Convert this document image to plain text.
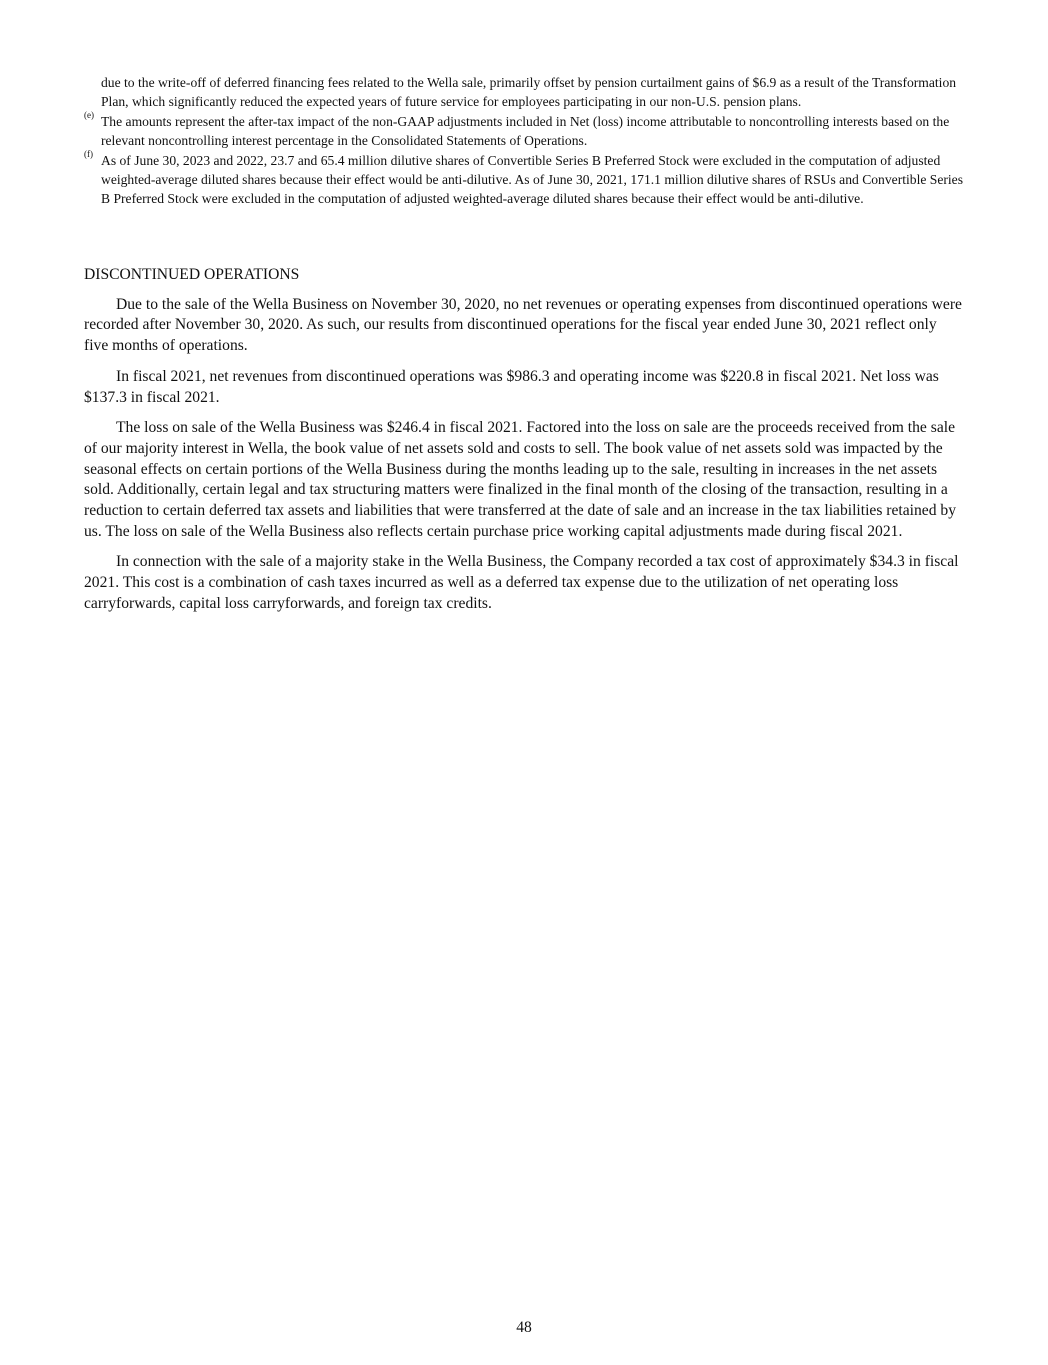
due to the write-off of deferred financing fees related to the Wella sale, primarily offset by pension curtailment gains of $6.9 as a result of the Transformation Plan, which significantly reduced the expected years of future service for employees participating in our non-U.S. pension plans.

(e) The amounts represent the after-tax impact of the non-GAAP adjustments included in Net (loss) income attributable to noncontrolling interests based on the relevant noncontrolling interest percentage in the Consolidated Statements of Operations.
(f) As of June 30, 2023 and 2022, 23.7 and 65.4 million dilutive shares of Convertible Series B Preferred Stock were excluded in the computation of adjusted weighted-average diluted shares because their effect would be anti-dilutive. As of June 30, 2021, 171.1 million dilutive shares of RSUs and Convertible Series B Preferred Stock were excluded in the computation of adjusted weighted-average diluted shares because their effect would be anti-dilutive.
DISCONTINUED OPERATIONS

Due to the sale of the Wella Business on November 30, 2020, no net revenues or operating expenses from discontinued operations were recorded after November 30, 2020. As such, our results from discontinued operations for the fiscal year ended June 30, 2021 reflect only five months of operations.

In fiscal 2021, net revenues from discontinued operations was $986.3 and operating income was $220.8 in fiscal 2021. Net loss was $137.3 in fiscal 2021.

The loss on sale of the Wella Business was $246.4 in fiscal 2021. Factored into the loss on sale are the proceeds received from the sale of our majority interest in Wella, the book value of net assets sold and costs to sell. The book value of net assets sold was impacted by the seasonal effects on certain portions of the Wella Business during the months leading up to the sale, resulting in increases in the net assets sold. Additionally, certain legal and tax structuring matters were finalized in the final month of the closing of the transaction, resulting in a reduction to certain deferred tax assets and liabilities that were transferred at the date of sale and an increase in the tax liabilities retained by us. The loss on sale of the Wella Business also reflects certain purchase price working capital adjustments made during fiscal 2021.

In connection with the sale of a majority stake in the Wella Business, the Company recorded a tax cost of approximately $34.3 in fiscal 2021. This cost is a combination of cash taxes incurred as well as a deferred tax expense due to the utilization of net operating loss carryforwards, capital loss carryforwards, and foreign tax credits.

48
